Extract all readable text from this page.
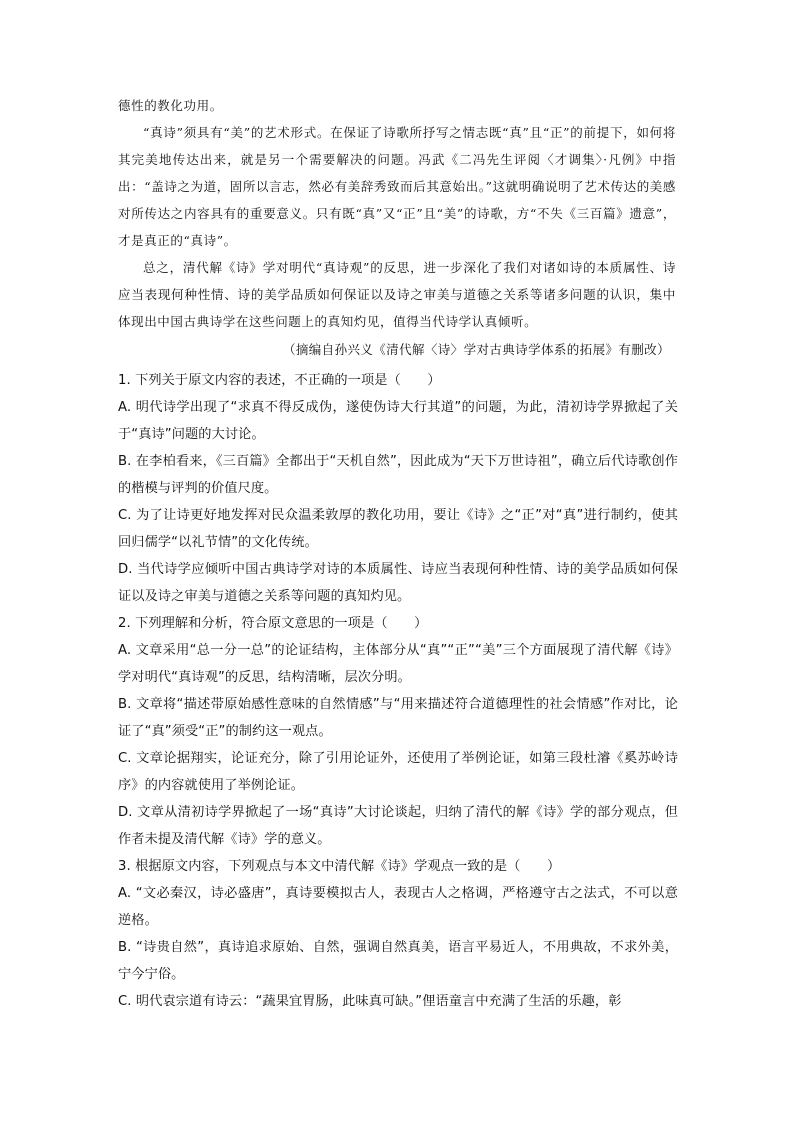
德性的教化功用。

“真诗”须具有“美”的艺术形式。在保证了诗歌所抒写之情志既“真”且“正”的前提下，如何将其完美地传达出来，就是另一个需要解决的问题。冯武《二冯先生评阅〈才调集〉·凡例》中指出：“盖诗之为道，固所以言志，然必有美辞秀致而后其意始出。”这就明确说明了艺术传达的美感对所传达之内容具有的重要意义。只有既“真”又“正”且“美”的诗歌，方“不失《三百篇》遗意”，才是真正的“真诗”。

总之，清代解《诗》学对明代“真诗观”的反思，进一步深化了我们对诸如诗的本质属性、诗应当表现何种性情、诗的美学品质如何保证以及诗之审美与道德之关系等诸多问题的认识，集中体现出中国古典诗学在这些问题上的真知灼见，值得当代诗学认真倾听。

（摘编自孙兴义《清代解〈诗〉学对古典诗学体系的拓展》有删改）

1. 下列关于原文内容的表述，不正确的一项是（　　）

A. 明代诗学出现了“求真不得反成伪，遂使伪诗大行其道”的问题，为此，清初诗学界掀起了关于“真诗”问题的大讨论。

B. 在李柏看来，《三百篇》全都出于“天机自然”，因此成为“天下万世诗祖”，确立后代诗歌创作的楷模与评判的价值尺度。

C. 为了让诗更好地发挥对民众温柔敦厚的教化功用，要让《诗》之“正”对“真”进行制约，使其回归儒学“以礼节情”的文化传统。

D. 当代诗学应倾听中国古典诗学对诗的本质属性、诗应当表现何种性情、诗的美学品质如何保证以及诗之审美与道德之关系等问题的真知灼见。

2. 下列理解和分析，符合原文意思的一项是（　　）

A. 文章采用“总一分一总”的论证结构，主体部分从“真”“正”“美”三个方面展现了清代解《诗》学对明代“真诗观”的反思，结构清晰，层次分明。

B. 文章将“描述带原始感性意味的自然情感”与“用来描述符合道德理性的社会情感”作对比，论证了“真”须受“正”的制约这一观点。

C. 文章论据翔实，论证充分，除了引用论证外，还使用了举例论证，如第三段杜濬《奚苏岭诗序》的内容就使用了举例论证。

D. 文章从清初诗学界掀起了一场“真诗”大讨论谈起，归纳了清代的解《诗》学的部分观点，但作者未提及清代解《诗》学的意义。

3. 根据原文内容，下列观点与本文中清代解《诗》学观点一致的是（　　）

A. “文必秦汉，诗必盛唐”，真诗要模拟古人，表现古人之格调，严格遵守古之法式，不可以意逆格。

B. “诗贵自然”，真诗追求原始、自然，强调自然真美，语言平易近人，不用典故，不求外美，宁今宁俗。

C. 明代袁宗道有诗云：“蔬果宜胃肠，此味真可缺。”俚语童言中充满了生活的乐趣，彰
